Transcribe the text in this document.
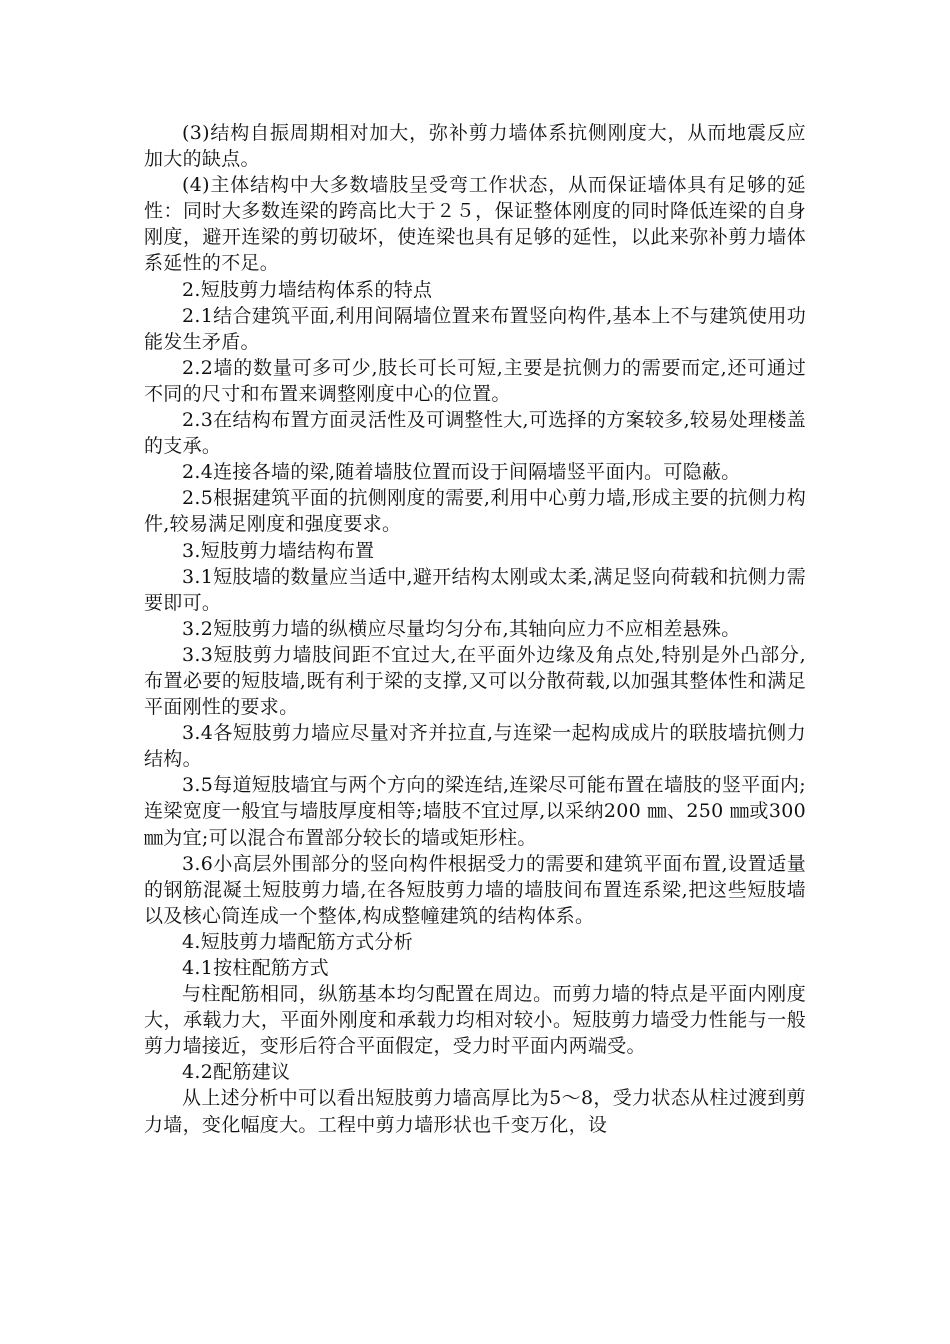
(3)结构自振周期相对加大，弥补剪力墙体系抗侧刚度大，从而地震反应加大的缺点。

(4)主体结构中大多数墙肢呈受弯工作状态，从而保证墙体具有足够的延性：同时大多数连梁的跨高比大于２５，保证整体刚度的同时降低连梁的自身刚度，避开连梁的剪切破坏，使连梁也具有足够的延性，以此来弥补剪力墙体系延性的不足。

2.短肢剪力墙结构体系的特点

2.1结合建筑平面,利用间隔墙位置来布置竖向构件,基本上不与建筑使用功能发生矛盾。

2.2墙的数量可多可少,肢长可长可短,主要是抗侧力的需要而定,还可通过不同的尺寸和布置来调整刚度中心的位置。

2.3在结构布置方面灵活性及可调整性大,可选择的方案较多,较易处理楼盖的支承。

2.4连接各墙的梁,随着墙肢位置而设于间隔墙竖平面内。可隐蔽。

2.5根据建筑平面的抗侧刚度的需要,利用中心剪力墙,形成主要的抗侧力构件,较易满足刚度和强度要求。

3.短肢剪力墙结构布置

3.1短肢墙的数量应当适中,避开结构太刚或太柔,满足竖向荷载和抗侧力需要即可。

3.2短肢剪力墙的纵横应尽量均匀分布,其轴向应力不应相差悬殊。

3.3短肢剪力墙肢间距不宜过大,在平面外边缘及角点处,特别是外凸部分,布置必要的短肢墙,既有利于梁的支撑,又可以分散荷载,以加强其整体性和满足平面刚性的要求。

3.4各短肢剪力墙应尽量对齐并拉直,与连梁一起构成成片的联肢墙抗侧力结构。

3.5每道短肢墙宜与两个方向的梁连结,连梁尽可能布置在墙肢的竖平面内;连梁宽度一般宜与墙肢厚度相等;墙肢不宜过厚,以采纳200 ㎜、250 ㎜或300 ㎜为宜;可以混合布置部分较长的墙或矩形柱。

3.6小高层外围部分的竖向构件根据受力的需要和建筑平面布置,设置适量的钢筋混凝土短肢剪力墙,在各短肢剪力墙的墙肢间布置连系梁,把这些短肢墙以及核心筒连成一个整体,构成整幢建筑的结构体系。

4.短肢剪力墙配筋方式分析

4.1按柱配筋方式

与柱配筋相同，纵筋基本均匀配置在周边。而剪力墙的特点是平面内刚度大，承载力大，平面外刚度和承载力均相对较小。短肢剪力墙受力性能与一般剪力墙接近，变形后符合平面假定，受力时平面内两端受。

4.2配筋建议

从上述分析中可以看出短肢剪力墙高厚比为5～8，受力状态从柱过渡到剪力墙，变化幅度大。工程中剪力墙形状也千变万化，设
